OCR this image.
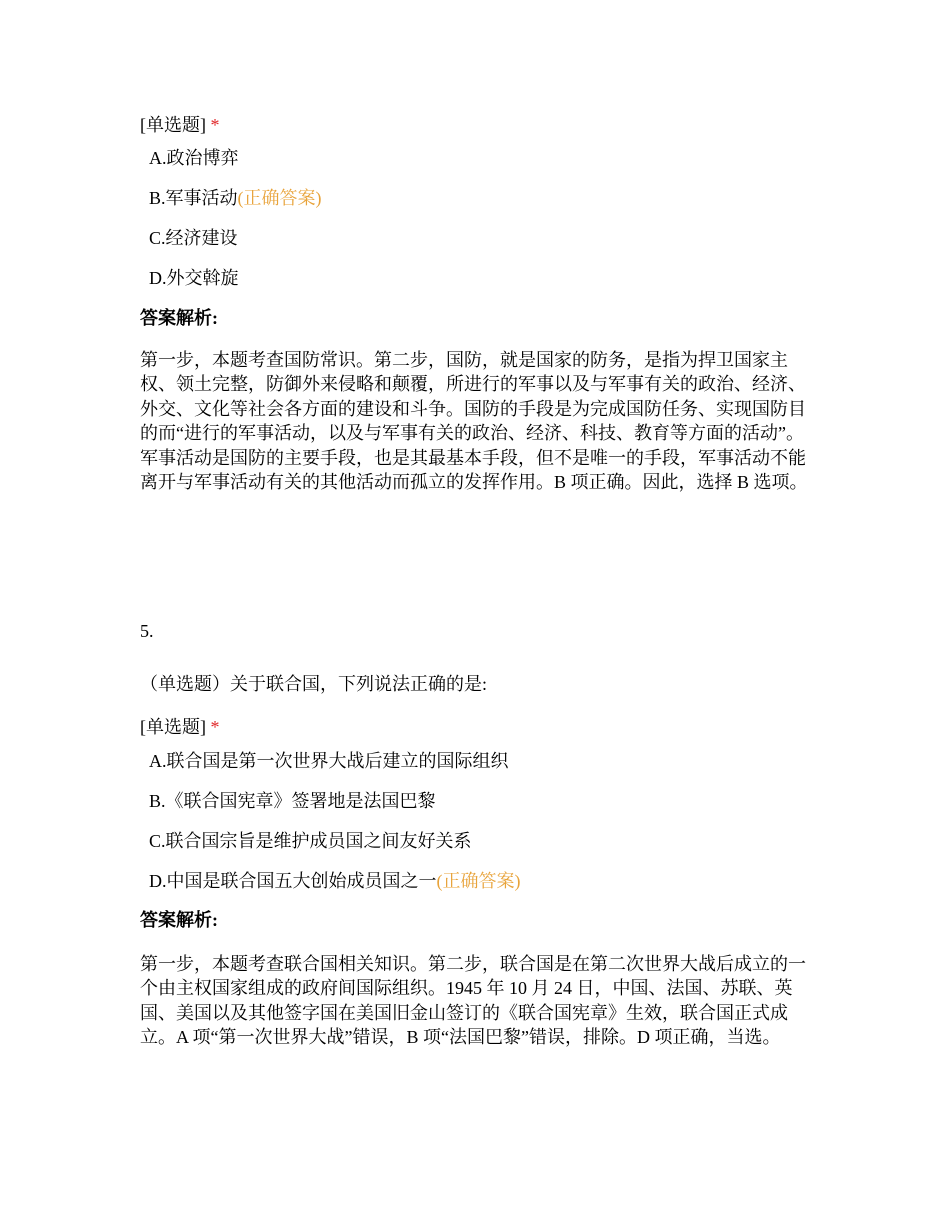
[单选题] *
A.政治博弈
B.军事活动(正确答案)
C.经济建设
D.外交斡旋
答案解析:
第一步，本题考查国防常识。第二步，国防，就是国家的防务，是指为捍卫国家主权、领土完整，防御外来侵略和颠覆，所进行的军事以及与军事有关的政治、经济、外交、文化等社会各方面的建设和斗争。国防的手段是为完成国防任务、实现国防目的而“进行的军事活动，以及与军事有关的政治、经济、科技、教育等方面的活动”。军事活动是国防的主要手段，也是其最基本手段，但不是唯一的手段，军事活动不能离开与军事活动有关的其他活动而孤立的发挥作用。B 项正确。因此，选择 B 选项。
5.
（单选题）关于联合国，下列说法正确的是:
[单选题] *
A.联合国是第一次世界大战后建立的国际组织
B.《联合国宪章》签署地是法国巴黎
C.联合国宗旨是维护成员国之间友好关系
D.中国是联合国五大创始成员国之一(正确答案)
答案解析:
第一步，本题考查联合国相关知识。第二步，联合国是在第二次世界大战后成立的一个由主权国家组成的政府间国际组织。1945 年 10 月 24 日，中国、法国、苏联、英国、美国以及其他签字国在美国旧金山签订的《联合国宪章》生效，联合国正式成立。A 项“第一次世界大战”错误，B 项“法国巴黎”错误，排除。D 项正确，当选。
